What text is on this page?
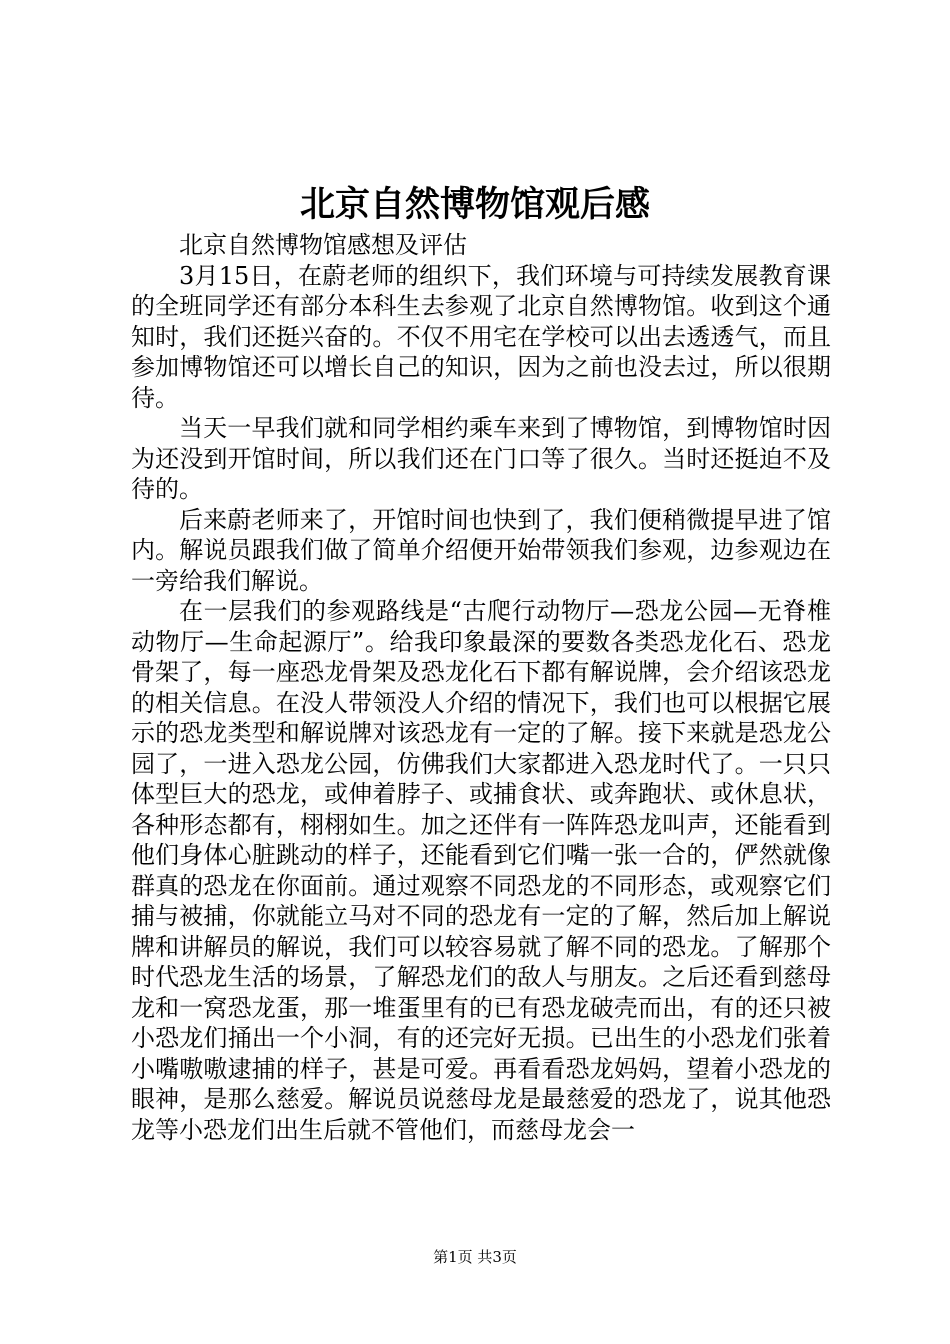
北京自然博物馆观后感

北京自然博物馆感想及评估

3月15日，在蔚老师的组织下，我们环境与可持续发展教育课的全班同学还有部分本科生去参观了北京自然博物馆。收到这个通知时，我们还挺兴奋的。不仅不用宅在学校可以出去透透气，而且参加博物馆还可以增长自己的知识，因为之前也没去过，所以很期待。

当天一早我们就和同学相约乘车来到了博物馆，到博物馆时因为还没到开馆时间，所以我们还在门口等了很久。当时还挺迫不及待的。

后来蔚老师来了，开馆时间也快到了，我们便稍微提早进了馆内。解说员跟我们做了简单介绍便开始带领我们参观，边参观边在一旁给我们解说。

在一层我们的参观路线是“古爬行动物厅—恐龙公园—无脊椎动物厅—生命起源厅”。给我印象最深的要数各类恐龙化石、恐龙骨架了，每一座恐龙骨架及恐龙化石下都有解说牌，会介绍该恐龙的相关信息。在没人带领没人介绍的情况下，我们也可以根据它展示的恐龙类型和解说牌对该恐龙有一定的了解。接下来就是恐龙公园了，一进入恐龙公园，仿佛我们大家都进入恐龙时代了。一只只体型巨大的恐龙，或伸着脖子、或捕食状、或奔跑状、或休息状，各种形态都有，栩栩如生。加之还伴有一阵阵恐龙叫声，还能看到他们身体心脏跳动的样子，还能看到它们嘴一张一合的，俨然就像群真的恐龙在你面前。通过观察不同恐龙的不同形态，或观察它们捕与被捕，你就能立马对不同的恐龙有一定的了解，然后加上解说牌和讲解员的解说，我们可以较容易就了解不同的恐龙。了解那个时代恐龙生活的场景，了解恐龙们的敌人与朋友。之后还看到慈母龙和一窝恐龙蛋，那一堆蛋里有的已有恐龙破壳而出，有的还只被小恐龙们捅出一个小洞，有的还完好无损。已出生的小恐龙们张着小嘴嗷嗷逮捕的样子，甚是可爱。再看看恐龙妈妈，望着小恐龙的眼神，是那么慈爱。解说员说慈母龙是最慈爱的恐龙了，说其他恐龙等小恐龙们出生后就不管他们，而慈母龙会一

第1页 共3页
